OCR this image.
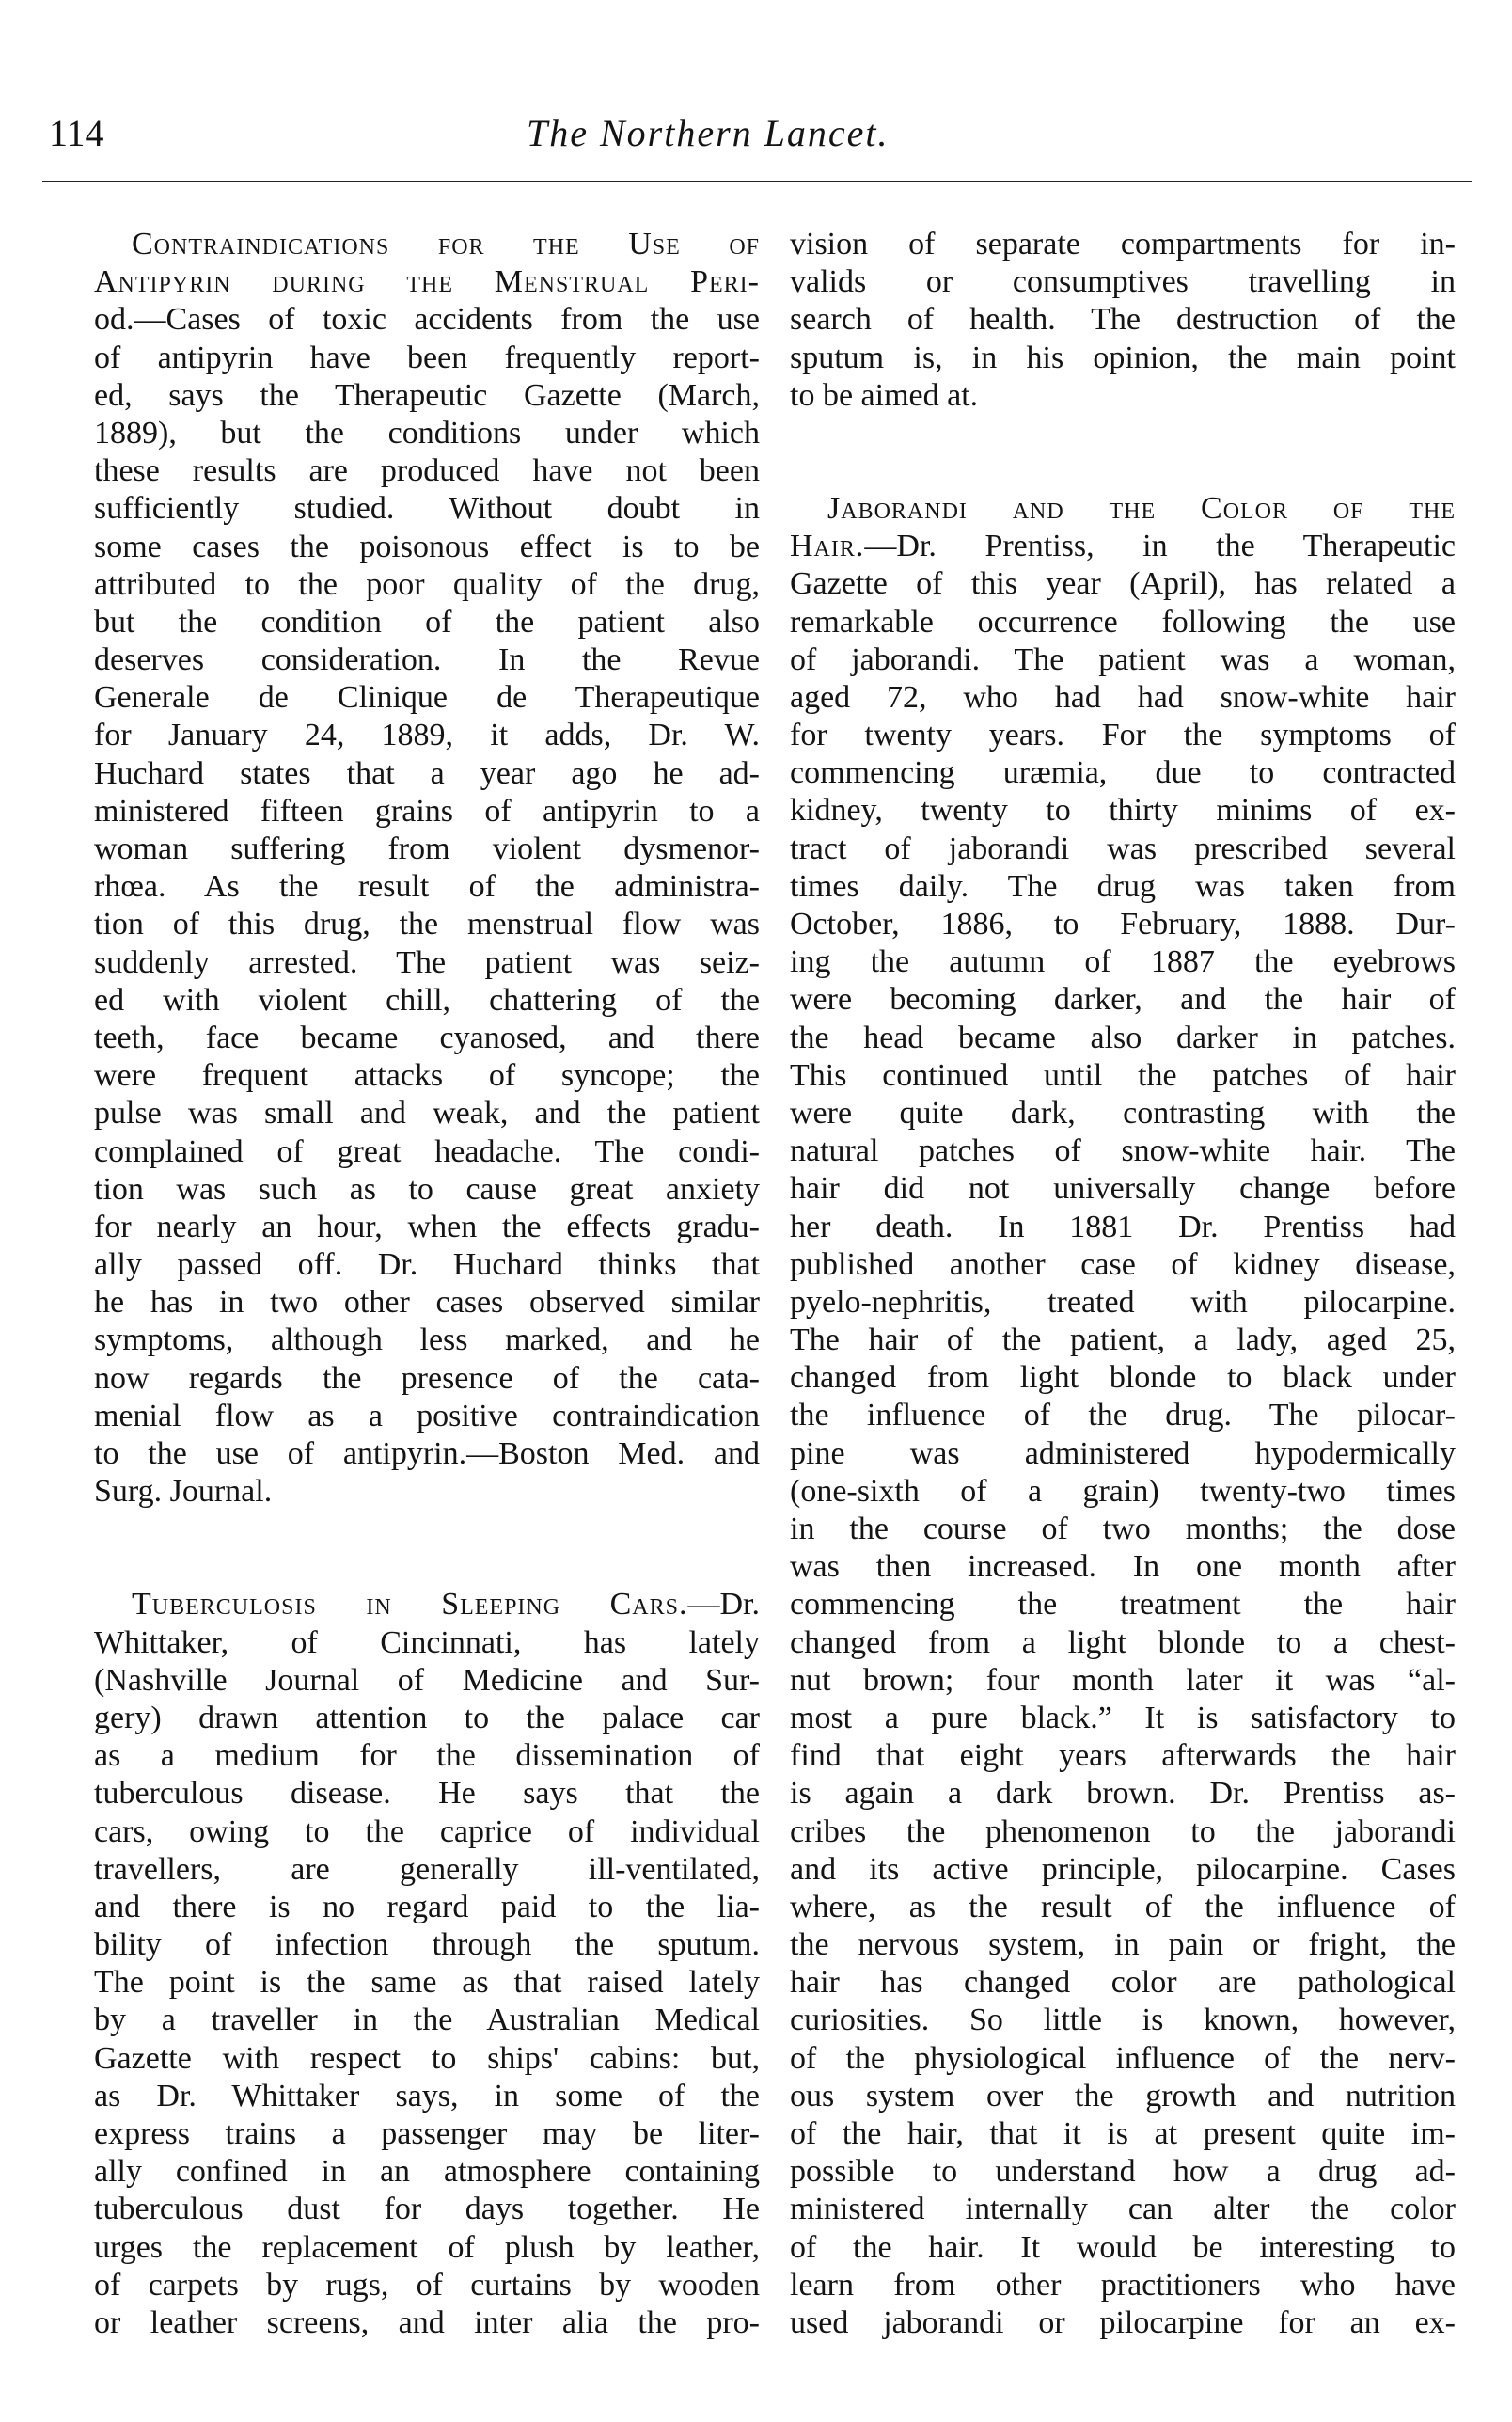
114	The Northern Lancet.
Contraindications for the Use of
Antipyrin during the Menstrual Peri-
od.—Cases of toxic accidents from the use
of antipyrin have been frequently report-
ed, says the Therapeutic Gazette (March,
1889), but the conditions under which
these results are produced have not been
sufficiently studied. Without doubt in
some cases the poisonous effect is to be
attributed to the poor quality of the drug,
but the condition of the patient also
deserves consideration. In the Revue
Generale de Clinique de Therapeutique
for January 24, 1889, it adds, Dr. W.
Huchard states that a year ago he ad-
ministered fifteen grains of antipyrin to a
woman suffering from violent dysmenor-
rhœa. As the result of the administra-
tion of this drug, the menstrual flow was
suddenly arrested. The patient was seiz-
ed with violent chill, chattering of the
teeth, face became cyanosed, and there
were frequent attacks of syncope; the
pulse was small and weak, and the patient
complained of great headache. The condi-
tion was such as to cause great anxiety
for nearly an hour, when the effects gradu-
ally passed off. Dr. Huchard thinks that
he has in two other cases observed similar
symptoms, although less marked, and he
now regards the presence of the cata-
menial flow as a positive contraindication
to the use of antipyrin.—Boston Med. and
Surg. Journal.
Tuberculosis in Sleeping Cars.—Dr.
Whittaker, of Cincinnati, has lately
(Nashville Journal of Medicine and Sur-
gery) drawn attention to the palace car
as a medium for the dissemination of
tuberculous disease. He says that the
cars, owing to the caprice of individual
travellers, are generally ill-ventilated,
and there is no regard paid to the lia-
bility of infection through the sputum.
The point is the same as that raised lately
by a traveller in the Australian Medical
Gazette with respect to ships' cabins: but,
as Dr. Whittaker says, in some of the
express trains a passenger may be liter-
ally confined in an atmosphere containing
tuberculous dust for days together. He
urges the replacement of plush by leather,
of carpets by rugs, of curtains by wooden
or leather screens, and inter alia the pro-
vision of separate compartments for in-
valids or consumptives travelling in
search of health. The destruction of the
sputum is, in his opinion, the main point
to be aimed at.
Jaborandi and the Color of the
Hair.—Dr. Prentiss, in the Therapeutic
Gazette of this year (April), has related a
remarkable occurrence following the use
of jaborandi. The patient was a woman,
aged 72, who had had snow-white hair
for twenty years. For the symptoms of
commencing uræmia, due to contracted
kidney, twenty to thirty minims of ex-
tract of jaborandi was prescribed several
times daily. The drug was taken from
October, 1886, to February, 1888. Dur-
ing the autumn of 1887 the eyebrows
were becoming darker, and the hair of
the head became also darker in patches.
This continued until the patches of hair
were quite dark, contrasting with the
natural patches of snow-white hair. The
hair did not universally change before
her death. In 1881 Dr. Prentiss had
published another case of kidney disease,
pyelo-nephritis, treated with pilocarpine.
The hair of the patient, a lady, aged 25,
changed from light blonde to black under
the influence of the drug. The pilocar-
pine was administered hypodermically
(one-sixth of a grain) twenty-two times
in the course of two months; the dose
was then increased. In one month after
commencing the treatment the hair
changed from a light blonde to a chest-
nut brown; four month later it was “al-
most a pure black.” It is satisfactory to
find that eight years afterwards the hair
is again a dark brown. Dr. Prentiss as-
cribes the phenomenon to the jaborandi
and its active principle, pilocarpine. Cases
where, as the result of the influence of
the nervous system, in pain or fright, the
hair has changed color are pathological
curiosities. So little is known, however,
of the physiological influence of the nerv-
ous system over the growth and nutrition
of the hair, that it is at present quite im-
possible to understand how a drug ad-
ministered internally can alter the color
of the hair. It would be interesting to
learn from other practitioners who have
used jaborandi or pilocarpine for an ex-
